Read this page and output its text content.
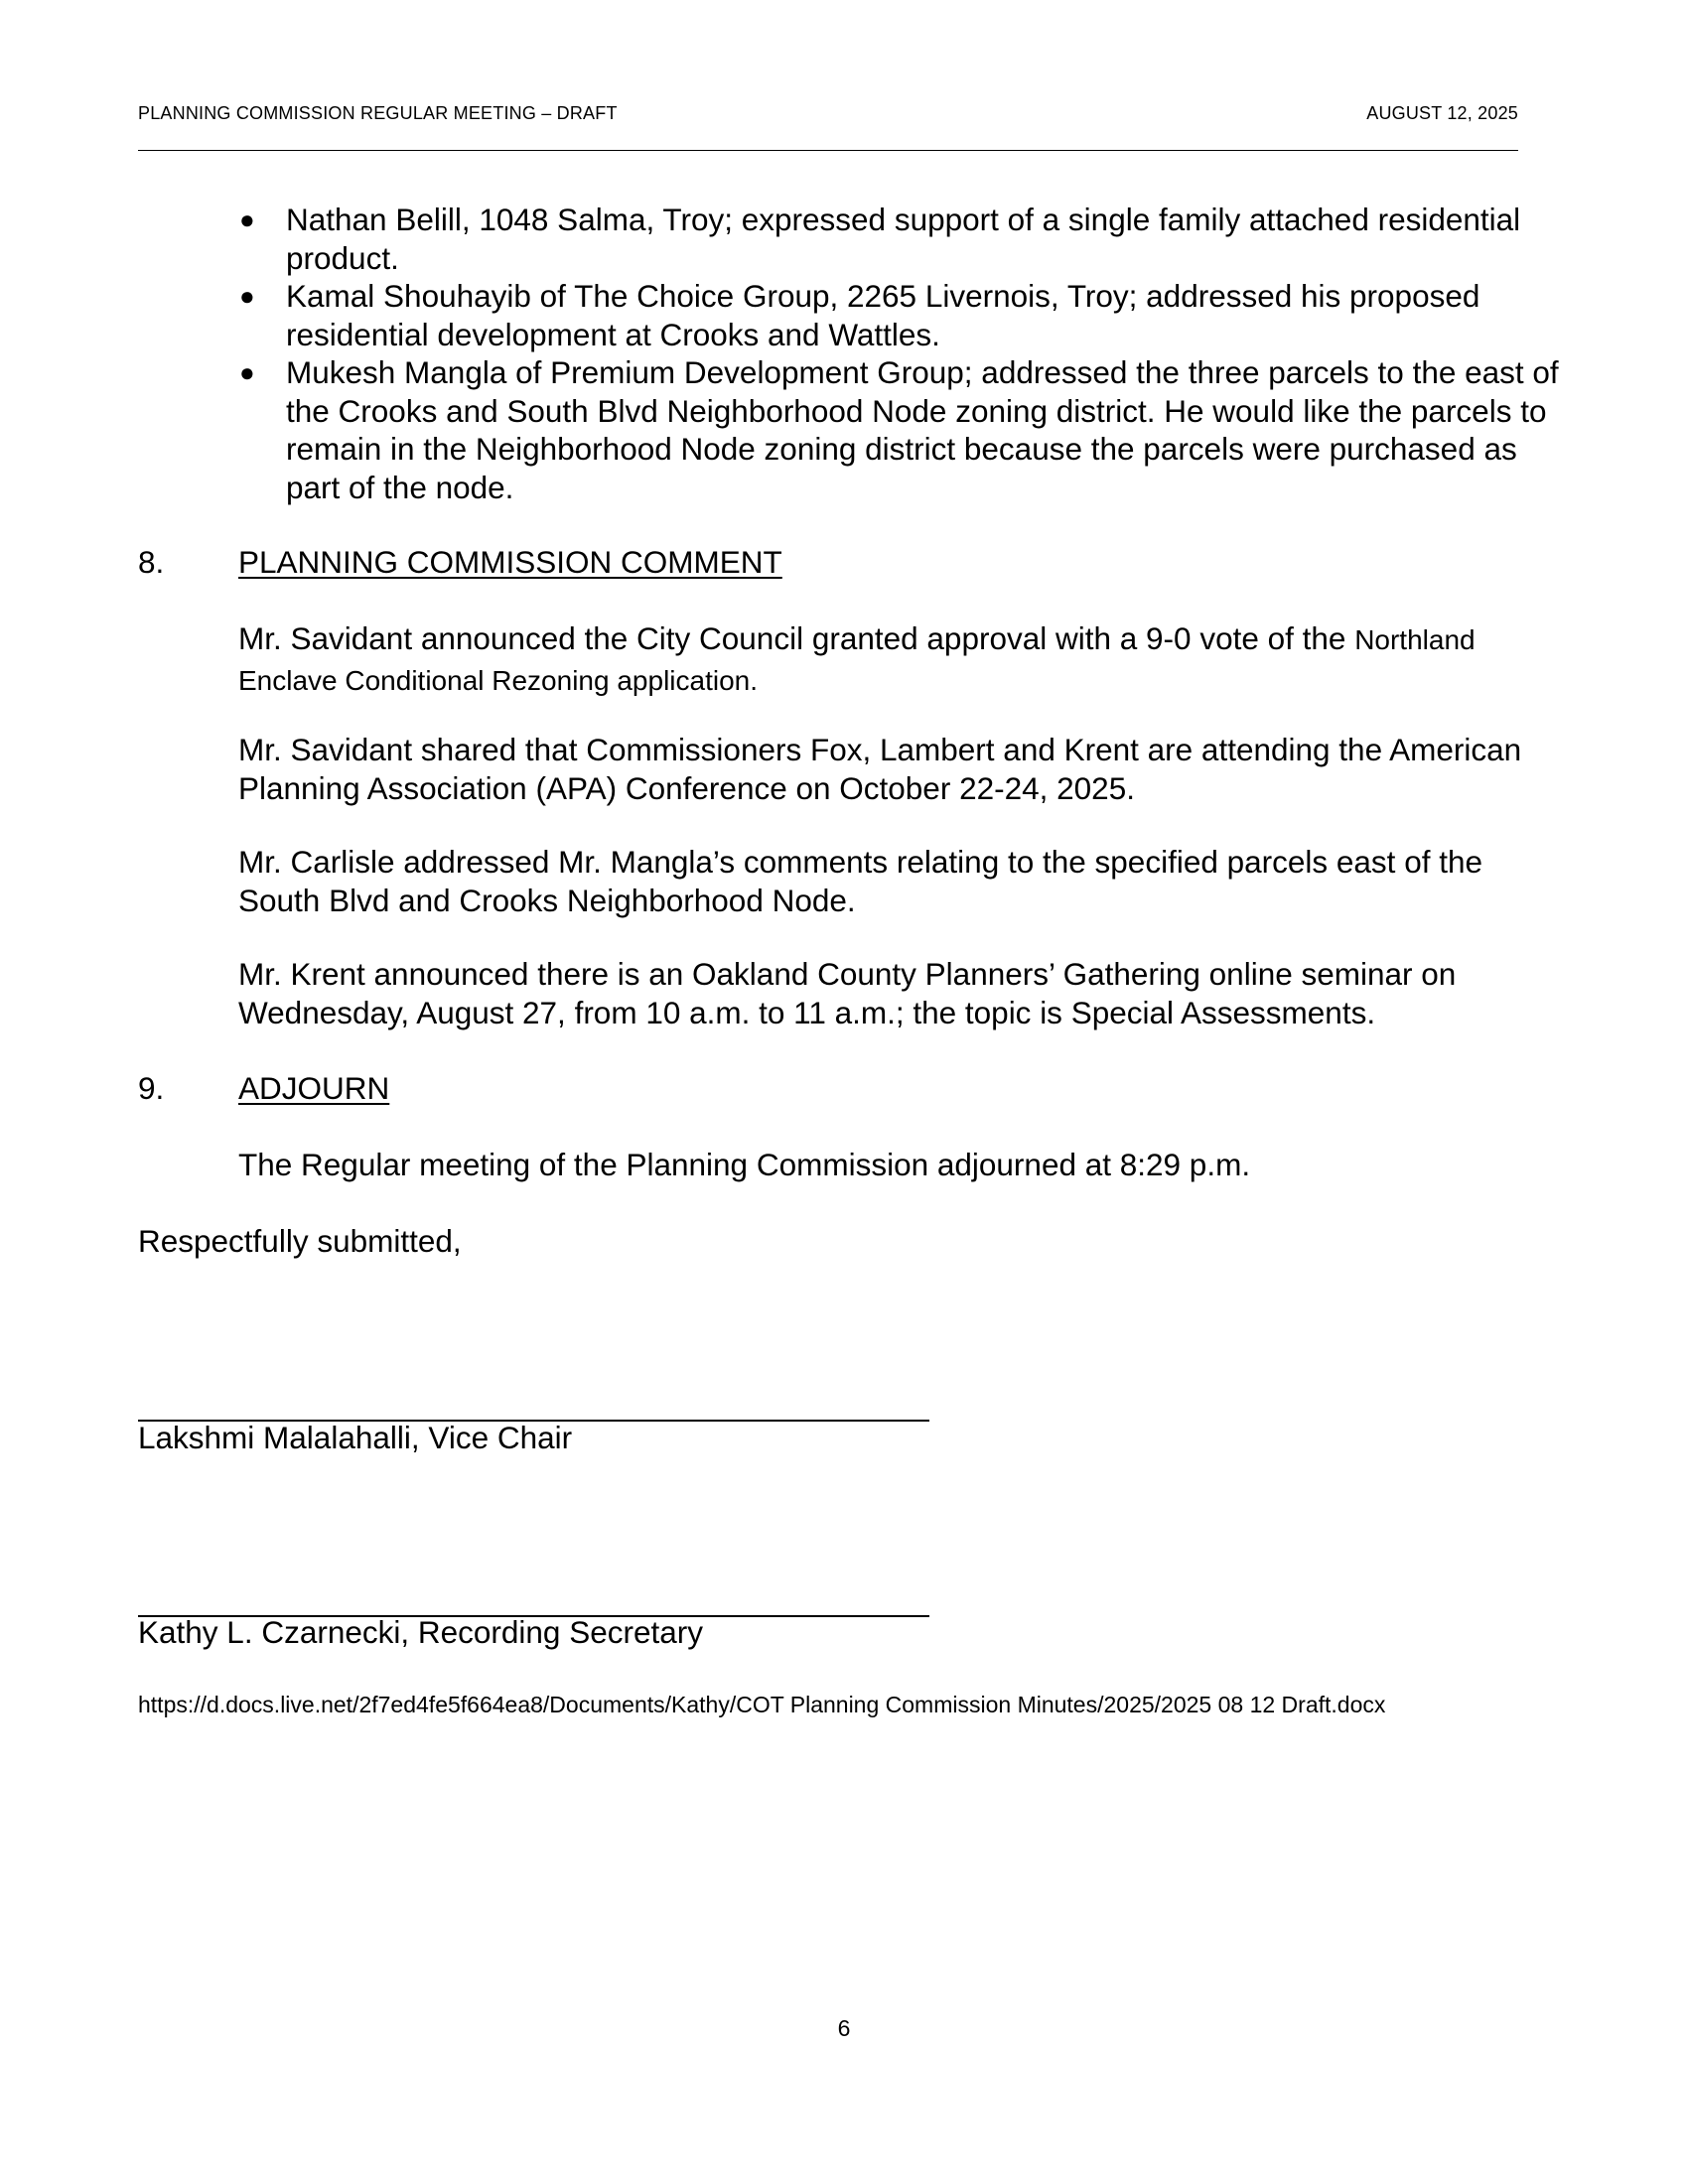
PLANNING COMMISSION REGULAR MEETING – DRAFT	AUGUST 12, 2025
● Nathan Belill, 1048 Salma, Troy; expressed support of a single family attached residential product.
● Kamal Shouhayib of The Choice Group, 2265 Livernois, Troy; addressed his proposed residential development at Crooks and Wattles.
● Mukesh Mangla of Premium Development Group; addressed the three parcels to the east of the Crooks and South Blvd Neighborhood Node zoning district. He would like the parcels to remain in the Neighborhood Node zoning district because the parcels were purchased as part of the node.
8. PLANNING COMMISSION COMMENT

Mr. Savidant announced the City Council granted approval with a 9-0 vote of the Northland Enclave Conditional Rezoning application.

Mr. Savidant shared that Commissioners Fox, Lambert and Krent are attending the American Planning Association (APA) Conference on October 22-24, 2025.

Mr. Carlisle addressed Mr. Mangla’s comments relating to the specified parcels east of the South Blvd and Crooks Neighborhood Node.

Mr. Krent announced there is an Oakland County Planners’ Gathering online seminar on Wednesday, August 27, from 10 a.m. to 11 a.m.; the topic is Special Assessments.

9. ADJOURN

The Regular meeting of the Planning Commission adjourned at 8:29 p.m.

Respectfully submitted,

Lakshmi Malalahalli, Vice Chair

Kathy L. Czarnecki, Recording Secretary

https://d.docs.live.net/2f7ed4fe5f664ea8/Documents/Kathy/COT Planning Commission Minutes/2025/2025 08 12 Draft.docx
6
